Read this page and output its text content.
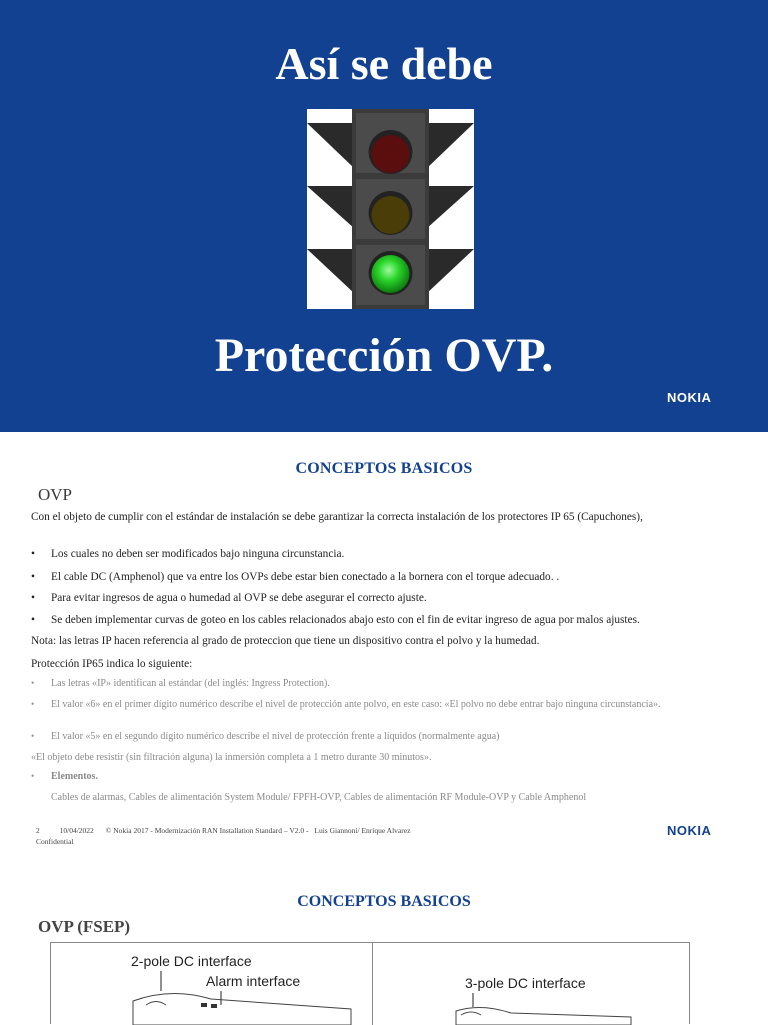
Así se debe
Protección OVP.
NOKIA
CONCEPTOS BASICOS
OVP
Con el objeto de cumplir con el estándar de instalación se debe garantizar la correcta instalación de los protectores IP 65 (Capuchones),
• Los cuales no deben ser modificados bajo ninguna circunstancia.
• El cable DC (Amphenol) que va entre los OVPs debe estar bien conectado a la bornera con el torque adecuado. .
• Para evitar ingresos de agua o humedad al OVP se debe asegurar el correcto ajuste.
• Se deben implementar curvas de goteo en los cables relacionados abajo esto con el fin de evitar ingreso de agua por malos ajustes.
Nota: las letras IP hacen referencia al grado de proteccion que tiene un dispositivo contra el polvo y la humedad.
Protección IP65 indica lo siguiente:
• Las letras «IP» identifican al estándar (del inglés: Ingress Protection).
• El valor «6» en el primer dígito numérico describe el nivel de protección ante polvo, en este caso: «El polvo no debe entrar bajo ninguna circunstancia».
• El valor «5» en el segundo dígito numérico describe el nivel de protección frente a líquidos (normalmente agua)
«El objeto debe resistir (sin filtración alguna) la inmersión completa a 1 metro durante 30 minutos».
• Elementos.
Cables de alarmas, Cables de alimentación System Module/ FPFH-OVP, Cables de alimentación RF Module-OVP y Cable Amphenol
2	10/04/2022 © Nokia 2017 - Modernización RAN Installation Standard – V2.0 - Luis Giannoni/ Enrique Alvarez
Confidential
NOKIA
CONCEPTOS BASICOS
OVP (FSEP)
2-pole DC interface
Alarm interface	3-pole DC interface
